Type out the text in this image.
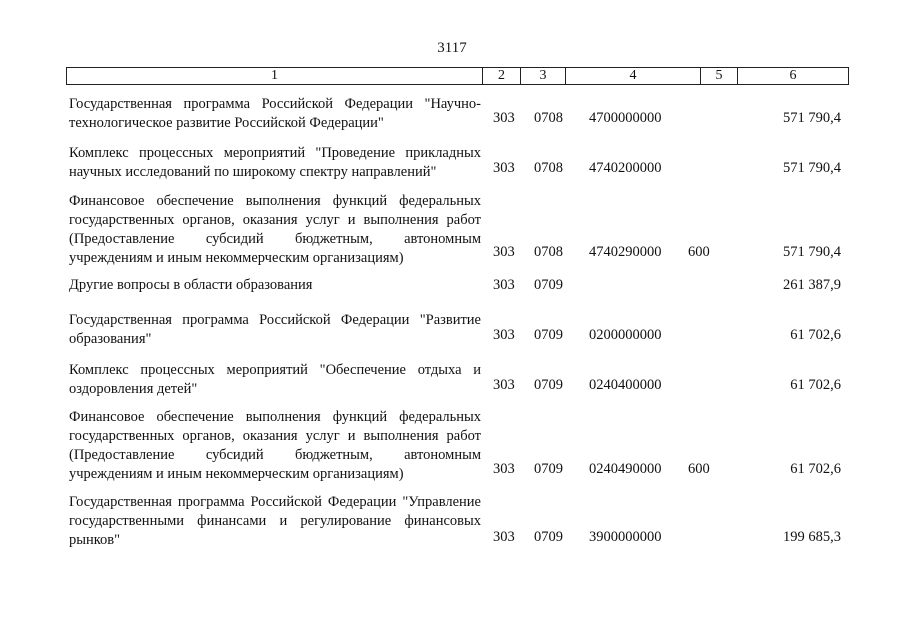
3117
1	2	3	4	5	6
Государственная программа Российской Федерации "Научно-технологическое развитие Российской Федерации"	303 0708 4700000000	571 790,4
Комплекс процессных мероприятий "Проведение прикладных научных исследований по широкому спектру направлений"	303 0708 4740200000	571 790,4
Финансовое обеспечение выполнения функций федеральных государственных органов, оказания услуг и выполнения работ (Предоставление субсидий бюджетным, автономным учреждениям и иным некоммерческим организациям)	303 0708 4740290000 600	571 790,4
Другие вопросы в области образования	303 0709	261 387,9
Государственная программа Российской Федерации "Развитие образования"	303 0709 0200000000	61 702,6
Комплекс процессных мероприятий "Обеспечение отдыха и оздоровления детей"	303 0709 0240400000	61 702,6
Финансовое обеспечение выполнения функций федеральных государственных органов, оказания услуг и выполнения работ (Предоставление субсидий бюджетным, автономным учреждениям и иным некоммерческим организациям)	303 0709 0240490000 600	61 702,6
Государственная программа Российской Федерации "Управление государственными финансами и регулирование финансовых рынков"	303 0709 3900000000	199 685,3
